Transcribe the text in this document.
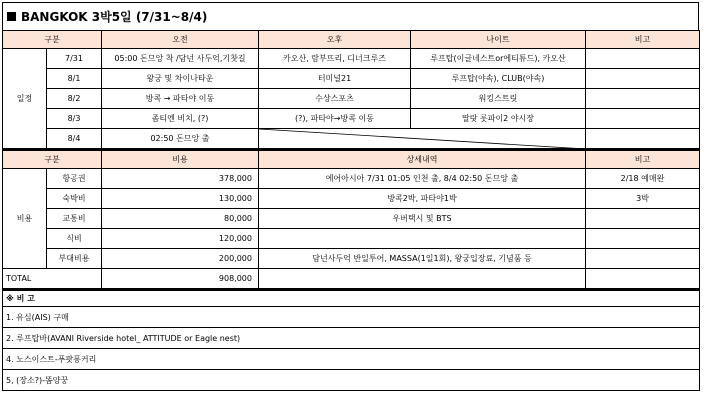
BANGKOK 3박5일 (7/31~8/4)
구분		오전	오후	나이트	비고
일정	7/31	05:00 돈므앙 착 /담넌 사두억,기찻길	카오산, 람부뜨리, 디너크루즈	루프탑(이글네스트or에티튜드), 카오산	
	8/1	왕궁 및 차이나타운	터미널21	루프탑(야속), CLUB(야속)	
	8/2	방콕 → 파타야 이동	수상스포츠	워킹스트릿	
	8/3	좀티엔 비치, (?)	(?), 파타야→방콕 이동	딸랏 롯파이2 야시장	
	8/4	02:50 돈므앙 출	

구분		비용	상세내역	비고
비용	항공권	378,000	에어아시아 7/31 01:05 인천 출, 8/4 02:50 돈므앙 출	2/18 예매완
	숙박비	130,000	방콕2박, 파타야1박	3박
	교통비	80,000	우버택시 및 BTS	
	식비	120,000		
	부대비용	200,000	담넌사두억 반일투어, MASSA(1일1회), 왕궁입장료, 기념품 등	
TOTAL		908,000		
※ 비 고
1. 유심(AIS) 구매
2. 루프탑바(AVANI Riverside hotel_ ATTITUDE or Eagle nest)
4. 노스이스트-푸팟퐁커리
5, (장소?)-똠양꿍
